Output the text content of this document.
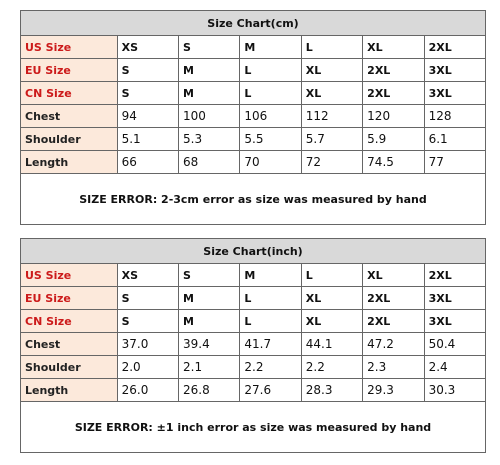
Size Chart(cm)						
US Size	XS	S	M	L	XL	2XL
EU Size	S	M	L	XL	2XL	3XL
CN Size	S	M	L	XL	2XL	3XL
Chest	94	100	106	112	120	128
Shoulder	5.1	5.3	5.5	5.7	5.9	6.1
Length	66	68	70	72	74.5	77
SIZE ERROR: 2-3cm error as size was measured by hand						
Size Chart(inch)						
US Size	XS	S	M	L	XL	2XL
EU Size	S	M	L	XL	2XL	3XL
CN Size	S	M	L	XL	2XL	3XL
Chest	37.0	39.4	41.7	44.1	47.2	50.4
Shoulder	2.0	2.1	2.2	2.2	2.3	2.4
Length	26.0	26.8	27.6	28.3	29.3	30.3
SIZE ERROR: ±1 inch error as size was measured by hand						
